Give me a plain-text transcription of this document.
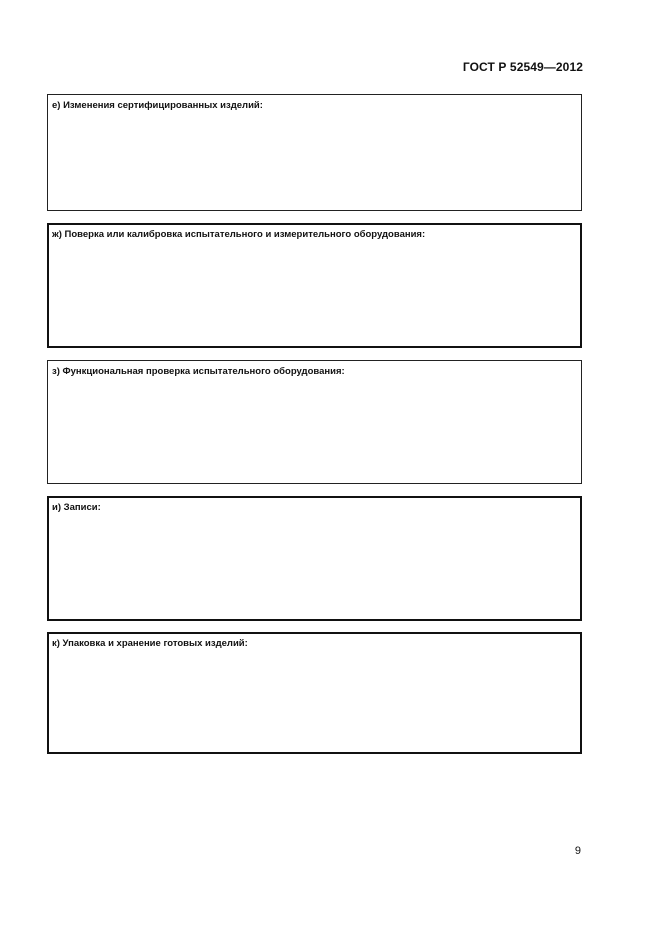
ГОСТ Р 52549—2012
е) Изменения сертифицированных изделий:
ж) Поверка или калибровка испытательного и измерительного оборудования:
з) Функциональная проверка испытательного оборудования:
и) Записи:
к) Упаковка и хранение готовых изделий:
9
